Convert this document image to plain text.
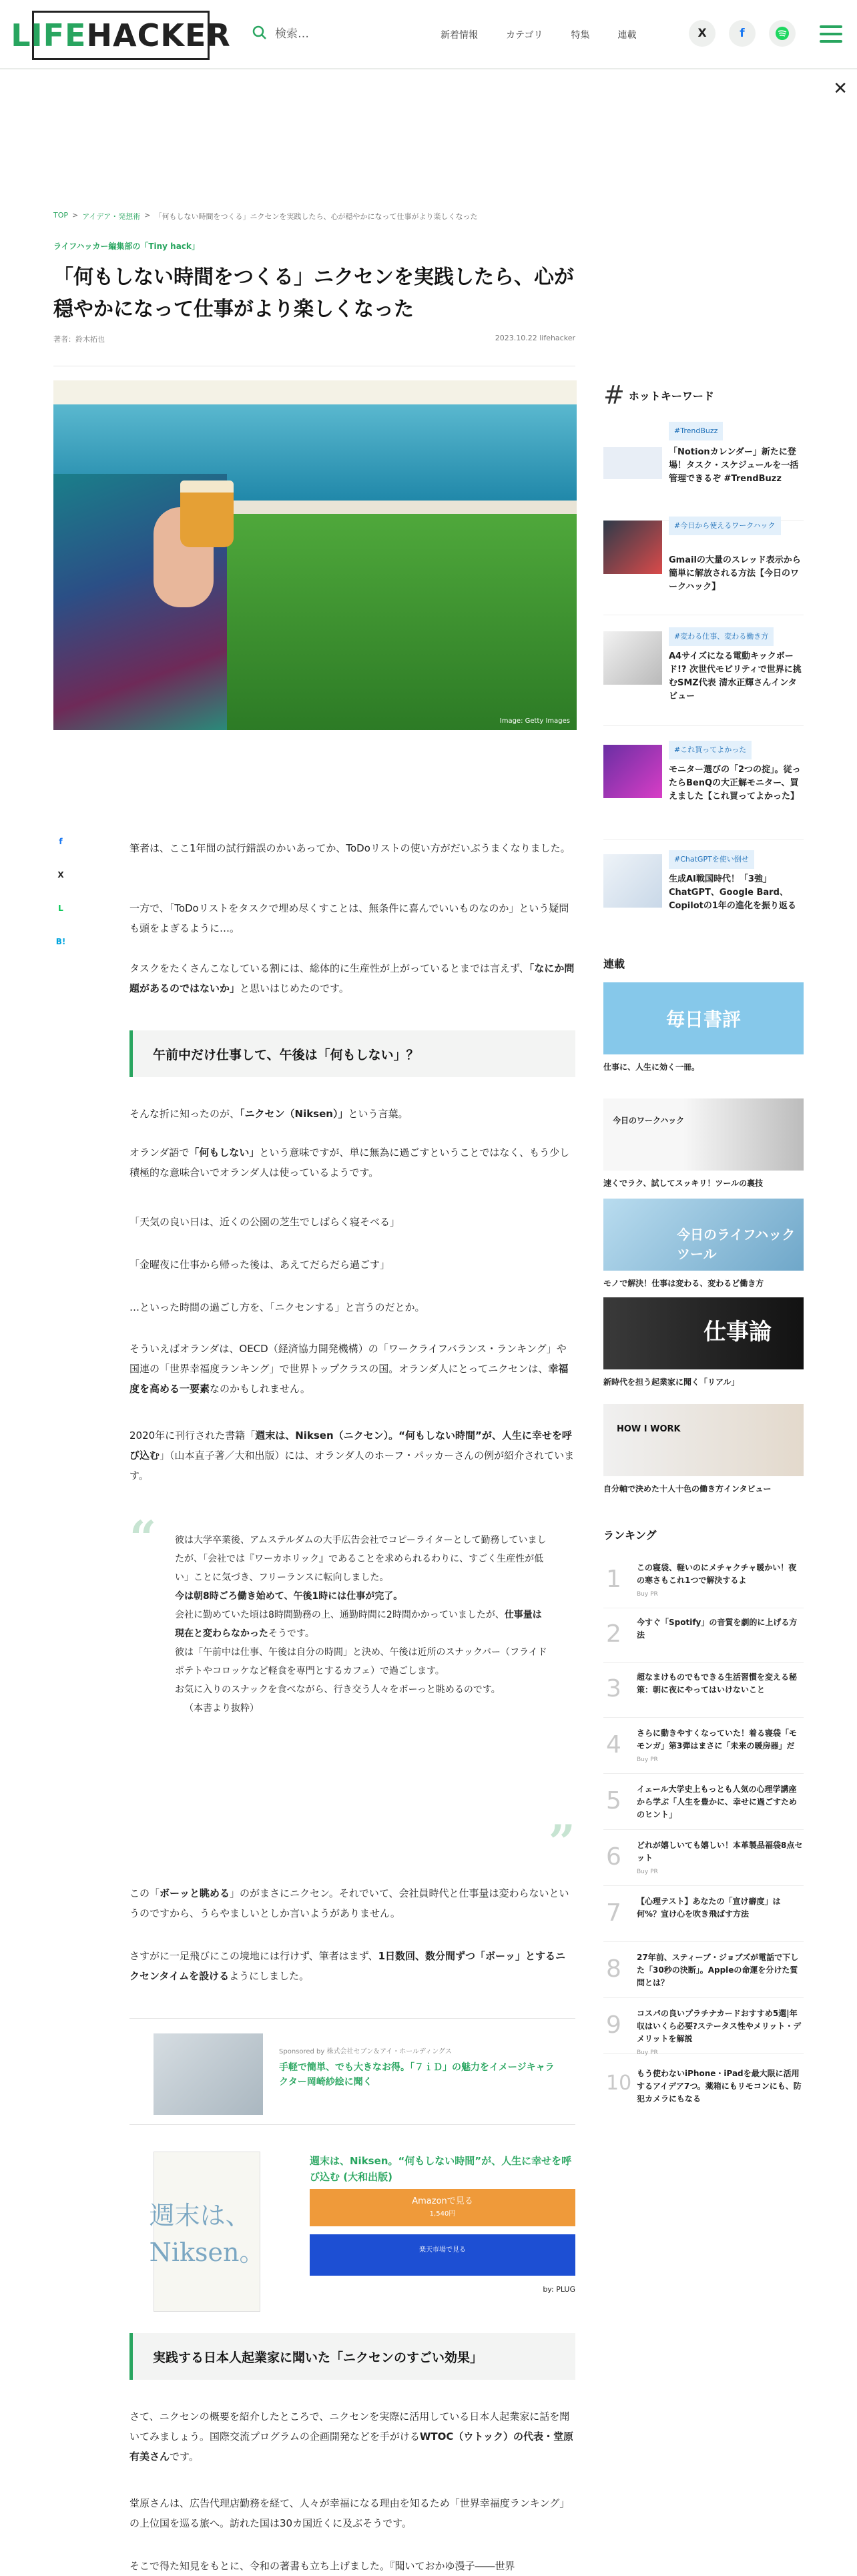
LIFE HACKER	検索…	新着情報	カテゴリ	特集	連載	X	f
✕
TOP > アイデア・発想術 > 「何もしない時間をつくる」ニクセンを実践したら、心が穏やかになって仕事がより楽しくなった
ライフハッカー編集部の「Tiny hack」
「何もしない時間をつくる」ニクセンを実践したら、心が穏やかになって仕事がより楽しくなった
著者：鈴木拓也	2023.10.22 lifehacker
Image: Getty Images
f
X
L
B!

筆者は、ここ1年間の試行錯誤のかいあってか、ToDoリストの使い方がだいぶうまくなりました。

一方で、「ToDoリストをタスクで埋め尽くすことは、無条件に喜んでいいものなのか」という疑問も頭をよぎるように…。

タスクをたくさんこなしている割には、総体的に生産性が上がっているとまでは言えず、「なにか問題があるのではないか」と思いはじめたのです。

午前中だけ仕事して、午後は「何もしない」？

そんな折に知ったのが、「ニクセン（Niksen）」という言葉。

オランダ語で「何もしない」という意味ですが、単に無為に過ごすということではなく、もう少し積極的な意味合いでオランダ人は使っているようです。

「天気の良い日は、近くの公園の芝生でしばらく寝そべる」

「金曜夜に仕事から帰った後は、あえてだらだら過ごす」

…といった時間の過ごし方を、「ニクセンする」と言うのだとか。

そういえばオランダは、OECD（経済協力開発機構）の「ワークライフバランス・ランキング」や国連の「世界幸福度ランキング」で世界トップクラスの国。オランダ人にとってニクセンは、幸福度を高める一要素なのかもしれません。

2020年に刊行された書籍「週末は、Niksen（ニクセン）。“何もしない時間”が、人生に幸せを呼び込む」（山本直子著／大和出版）には、オランダ人のホーフ・パッカーさんの例が紹介されています。

“ 彼は大学卒業後、アムステルダムの大手広告会社でコピーライターとして勤務していましたが、「会社では『ワーカホリック』であることを求められるわりに、すごく生産性が低い」ことに気づき、フリーランスに転向しました。

今は朝8時ごろ働き始めて、午後1時には仕事が完了。

会社に勤めていた頃は8時間勤務の上、通勤時間に2時間かかっていましたが、仕事量は現在と変わらなかったそうです。

彼は「午前中は仕事、午後は自分の時間」と決め、午後は近所のスナックバー（フライドポテトやコロッケなど軽食を専門とするカフェ）で過ごします。

お気に入りのスナックを食べながら、行き交う人々をボーっと眺めるのです。

（本書より抜粋）

”

この「ボーッと眺める」のがまさにニクセン。それでいて、会社員時代と仕事量は変わらないというのですから、うらやましいとしか言いようがありません。

さすがに一足飛びにこの境地には行けず、筆者はまず、1日数回、数分間ずつ「ボーッ」とするニクセンタイムを設けるようにしました。

Sponsored by 株式会社セブン＆アイ・ホールディングス
手軽で簡単、でも大きなお得。「７ｉＤ」の魅力をイメージキャラクター岡崎紗絵に聞く
週末は、Niksen。
週末は、Niksen。“何もしない時間”が、人生に幸せを呼び込む (大和出版)
Amazonで見る
1,540円
楽天市場で見る
by: PLUG
実践する日本人起業家に聞いた「ニクセンのすごい効果」

さて、ニクセンの概要を紹介したところで、ニクセンを実際に活用している日本人起業家に話を聞いてみましょう。国際交流プログラムの企画開発などを手がけるWTOC（ウトック）の代表・堂原有美さんです。

堂原さんは、広告代理店勤務を経て、人々が幸福になる理由を知るため「世界幸福度ランキング」の上位国を巡る旅へ。訪れた国は30カ国近くに及ぶそうです。

そこで得た知見をもとに、令和の著書も立ち上げました。『聞いておかゆ漫子――世界

# ホットキーワード
#TrendBuzz
「Notionカレンダー」新たに登場！タスク・スケジュールを一括管理できるぞ #TrendBuzz
#今日から使えるワークハック
Gmailの大量のスレッド表示から簡単に解放される方法【今日のワークハック】
#変わる仕事、変わる働き方
A4サイズになる電動キックボード!? 次世代モビリティで世界に挑むSMZ代表 清水正輝さんインタビュー
#これ買ってよかった
モニター選びの「2つの掟」。従ったらBenQの大正解モニター、買えました【これ買ってよかった】
#ChatGPTを使い倒せ
生成AI戦国時代！「3強」ChatGPT、Google Bard、Copilotの1年の進化を振り返る
連載
毎日書評
仕事に、人生に効く一冊。
今日のワークハック
速くでラク、試してスッキリ！ツールの裏技
今日のライフハックツール
モノで解決！仕事は変わる、変わるど働き方
仕事論
新時代を担う起業家に聞く「リアル」
HOW I WORK
自分軸で決めた十人十色の働き方インタビュー
ランキング
1	この寝袋、軽いのにメチャクチャ暖かい！夜の寒さもこれ1つで解決するよ
Buy PR
2	今すぐ「Spotify」の音質を劇的に上げる方法
3	超なまけものでもできる生活習慣を変える秘策：朝に夜にやってはいけないこと
4	さらに動きやすくなっていた！着る寝袋「モモンガ」第3弾はまさに「未来の暖房器」だ
Buy PR
5	イェール大学史上もっとも人気の心理学講座から学ぶ「人生を豊かに、幸せに過ごすためのヒント」
6	どれが嬉しいても嬉しい！本革製品福袋8点セット
Buy PR
7	【心理テスト】あなたの「宣け癖度」は何%？宣け心を吹き飛ばす方法
8	27年前、スティーブ・ジョブズが電話で下した「30秒の決断」。Appleの命運を分けた質問とは？
9	コスパの良いプラチナカードおすすめ5選|年収はいくら必要?ステータス性やメリット・デメリットを解説
Buy PR
10 もう使わないiPhone・iPadを最大限に活用するアイデア7つ。薬箱にもリモコンにも、防犯カメラにもなる
